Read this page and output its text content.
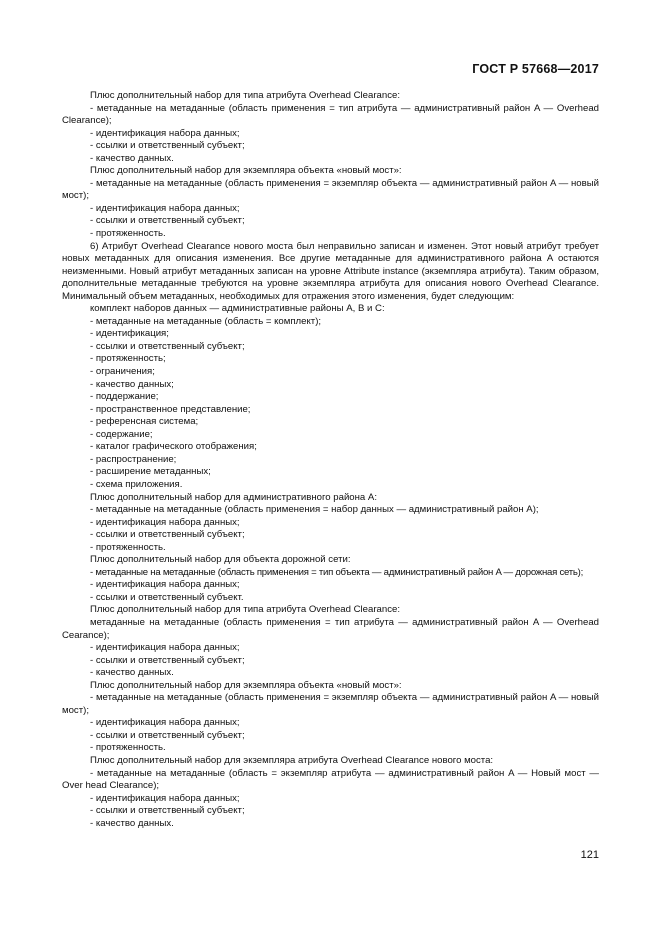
ГОСТ Р 57668—2017

Плюс дополнительный набор для типа атрибута Overhead Clearance:

- метаданные на метаданные (область применения = тип атрибута — административный район A — Overhead Clearance);

- идентификация набора данных;

- ссылки и ответственный субъект;

- качество данных.

Плюс дополнительный набор для экземпляра объекта «новый мост»:

- метаданные на метаданные (область применения = экземпляр объекта — административный район A — новый мост);

- идентификация набора данных;

- ссылки и ответственный субъект;

- протяженность.

6) Атрибут Overhead Clearance нового моста был неправильно записан и изменен. Этот новый атрибут требует новых метаданных для описания изменения. Все другие метаданные для административного района A остаются неизменными. Новый атрибут метаданных записан на уровне Attribute instance (экземпляра атрибута). Таким образом, дополнительные метаданные требуются на уровне экземпляра атрибута для описания нового Overhead Clearance. Минимальный объем метаданных, необходимых для отражения этого изменения, будет следующим:

комплект наборов данных — административные районы A, B и C:

- метаданные на метаданные (область = комплект);

- идентификация;

- ссылки и ответственный субъект;

- протяженность;

- ограничения;

- качество данных;

- поддержание;

- пространственное представление;

- референсная система;

- содержание;

- каталог графического отображения;

- распространение;

- расширение метаданных;

- схема приложения.

Плюс дополнительный набор для административного района A:

- метаданные на метаданные (область применения = набор данных — административный район A);

- идентификация набора данных;

- ссылки и ответственный субъект;

- протяженность.

Плюс дополнительный набор для объекта дорожной сети:

- метаданные на метаданные (область применения = тип объекта — административный район A — дорожная сеть);

- идентификация набора данных;

- ссылки и ответственный субъект.

Плюс дополнительный набор для типа атрибута Overhead Clearance:

метаданные на метаданные (область применения = тип атрибута — административный район A — Overhead Cearance);

- идентификация набора данных;

- ссылки и ответственный субъект;

- качество данных.

Плюс дополнительный набор для экземпляра объекта «новый мост»:

- метаданные на метаданные (область применения = экземпляр объекта — административный район A — новый мост);

- идентификация набора данных;

- ссылки и ответственный субъект;

- протяженность.

Плюс дополнительный набор для экземпляра атрибута Overhead Clearance нового моста:

- метаданные на метаданные (область = экземпляр атрибута — административный район A — Новый мост — Over head Clearance);

- идентификация набора данных;

- ссылки и ответственный субъект;

- качество данных.

121
